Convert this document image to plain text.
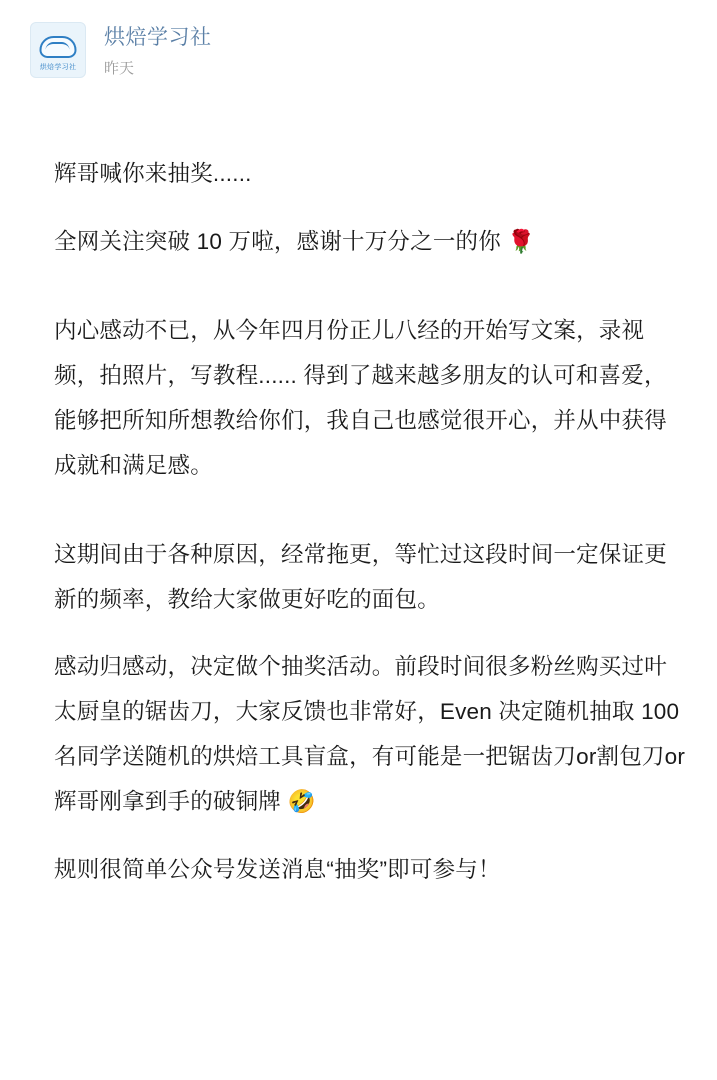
烘焙学习社
烘焙学习社
昨天

辉哥喊你来抽奖......

全网关注突破 10 万啦，感谢十万分之一的你 🌹

内心感动不已，从今年四月份正儿八经的开始写文案，录视频，拍照片，写教程...... 得到了越来越多朋友的认可和喜爱，能够把所知所想教给你们，我自己也感觉很开心，并从中获得成就和满足感。

这期间由于各种原因，经常拖更，等忙过这段时间一定保证更新的频率，教给大家做更好吃的面包。

感动归感动，决定做个抽奖活动。前段时间很多粉丝购买过叶太厨皇的锯齿刀，大家反馈也非常好，Even 决定随机抽取 100 名同学送随机的烘焙工具盲盒，有可能是一把锯齿刀or割包刀or辉哥刚拿到手的破铜牌 🤣

规则很简单公众号发送消息“抽奖”即可参与！
